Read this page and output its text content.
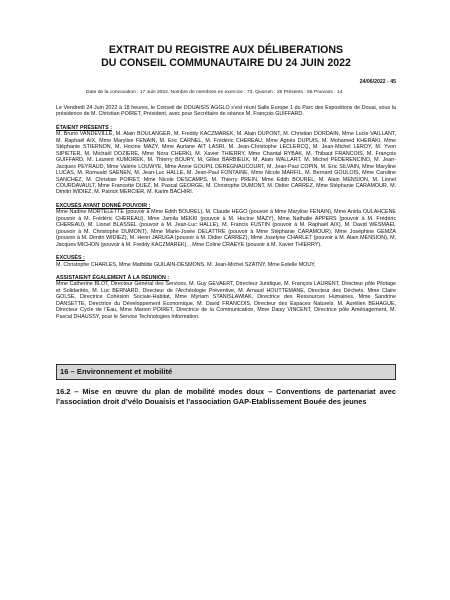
EXTRAIT DU REGISTRE AUX DÉLIBERATIONS
DU CONSEIL COMMUNAUTAIRE DU 24 JUIN 2022
24/06/2022 - 45
Date de la convocation : 17 Juin 2022. Nombre de membres en exercice : 73. Quorum : 25 Présents : 55 Pouvoirs : 14

Le Vendredi 24 Juin 2022 à 18 heures, le Conseil de DOUAISIS AGGLO s’est réuni Salle Europe 1 du Parc des Expositions de Douai, sous la présidence de M. Christian POIRET, Président, avec pour Secrétaire de séance M. François GUIFFARD.

ÉTAIENT PRÉSENTS :

M. Bruno VANDEVILLE, M. Alain BOULANGER, M. Freddy KACZMAREK, M. Alain DUPONT, M. Christian DORDAIN, Mme Lucie VAILLANT, M. Raphaël AIX, Mme Marylise FENAIN, M. Eric CARNEL, M. Frédéric CHEREAU, Mme Agnès DUPUIS, M. Mohamed KHERAKI, Mme Stéphanie STIERNON, M. Hocine MAZY, Mme Auriane AIT LASRI, M. Jean-Christophe LECLERCQ, M. Jean-Michel LEROY, M. Yvon SIPIETER, M. Michaël DOZIERE, Mme Nora CHERKI, M. Xavier THIERRY, Mme Chantal RYBAK, M. Thibaut FRANCOIS, M. François GUIFFARD, M. Laurent KUMOREK, M. Thierry BOURY, M. Gilles BARBIEUX, M. Alain WALLART, M. Michel PEDERENCINO, M. Jean-Jacques PEYRAUD, Mme Valérie LOUWYE, Mme Annie GOUPIL DEREGNAUCOURT, M. Jean-Paul COPIN, M. Eric SILVAIN, Mme Maryline LUCAS, M. Romuald SAENEN, M. Jean-Luc HALLE, M. Jean-Paul FONTAINE, Mme Nicole MARFIL, M. Bernard GOULOIS, Mme Caroline SANCHEZ, M. Christian POIRET, Mme Nicole DESCAMPS, M. Thierry PREIN, Mme Edith BOUREL, M. Alain MENSION, M. Lionel COURDAVAULT, Mme Francette DUEZ, M. Pascal GEORGE, M. Christophe DUMONT, M. Didier CARREZ, Mme Stéphanie CARAMOUR, M. Dimitri WIDIEZ, M. Patrick MERCIER, M. Karim BACHIRI.

EXCUSÉS AYANT DONNÉ POUVOIR :

Mme Nadine MORTELETTE (pouvoir à Mme Edith BOUREL), M. Claude HEGO (pouvoir à Mme Marylise FENAIN), Mme Anida OULAHCENE (pouvoir à M. Frédéric CHEREAU), Mme Jamila MEKKI (pouvoir à M. Hocine MAZY), Mme Nathalie APPERS (pouvoir à M. Frédéric CHEREAU), M. Lionel BLASSEL (pouvoir à M. Jean-Luc HALLE), M. Francis FUSTIN (pouvoir à M. Raphaël AIX), M. David WESMAEL (pouvoir à M. Christophe DUMONT), Mme Marie-Josée DELATTRE (pouvoir à Mme Stéphanie CARAMOUR), Mme Joséphine GEMZA (pouvoir à M. Dimitri WIDIEZ), M. Henri JARUGA (pouvoir à M. Didier CARREZ), Mme Joselyne CHARLET (pouvoir à M. Alain MENSION), M. Jacques MICHON (pouvoir à M. Freddy KACZMAREK), , Mme Coline CRAEYE (pouvoir à M. Xavier THIERRY).

EXCUSÉS :

M. Christophe CHARLES, Mme Mathilde GUILAIN-DESMONS, M. Jean-Michel SZATNY, Mme Estelle MOUY,

ASSISTAIENT ÉGALEMENT À LA RÉUNION :

Mme Catherine BLOT, Directeur Général des Services, M. Guy GEVAERT, Directeur Juridique, M. François LAURENT, Directeur pôle Pilotage et Solidarités, M. Luc BERNARD, Directeur de l’Archéologie Préventive, M. Arnaud HOUTTEMANE, Directeur des Déchets, Mme Claire GOLSE, Directrice Cohésion Sociale-Habitat, Mme Myriam STANISLAWIAK, Directrice des Ressources Humaines, Mme Sandrine DANSETTE, Directrice du Développement Economique, M. David FRANCOIS, Directeur des Espaces Naturels, M. Aurélien BEHAGUE, Directeur Cycle de l’Eau, Mme Marion POIRET, Directrice de la Communication, Mme Daisy VINCENT, Directrice pôle Aménagement, M. Pascal DHAUSSY, pour le Service Technologies Information.

16 – Environnement et mobilité

16.2 – Mise en œuvre du plan de mobilité modes doux – Conventions de partenariat avec l’association droit d’vélo Douaisis et l’association GAP-Etablissement Bouée des jeunes
